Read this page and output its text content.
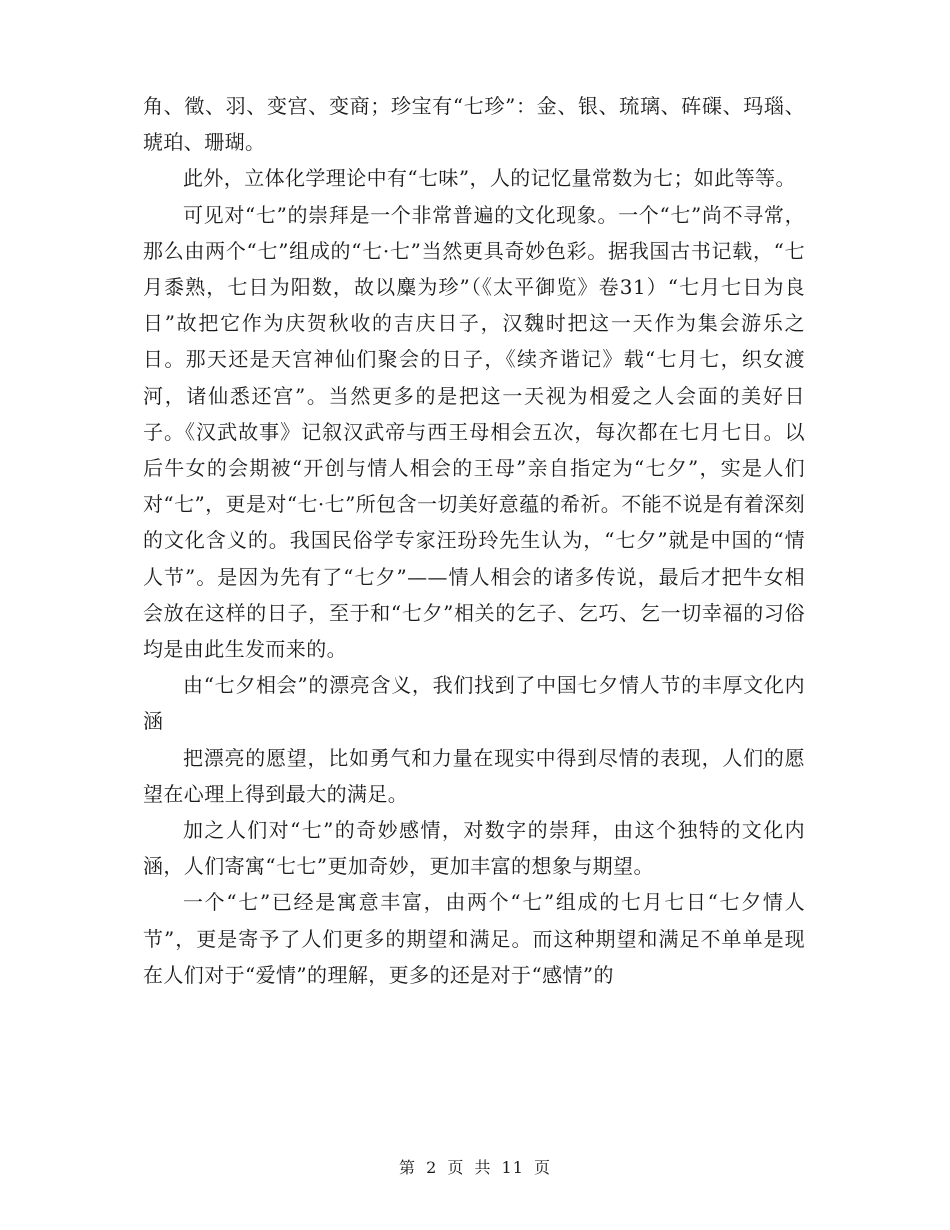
角、徵、羽、变宫、变商；珍宝有“七珍”：金、银、琉璃、砗磲、玛瑙、琥珀、珊瑚。

此外，立体化学理论中有“七味”，人的记忆量常数为七；如此等等。

可见对“七”的崇拜是一个非常普遍的文化现象。一个“七”尚不寻常，那么由两个“七”组成的“七·七”当然更具奇妙色彩。据我国古书记载，“七月黍熟，七日为阳数，故以麋为珍”（《太平御览》卷31）“七月七日为良日”故把它作为庆贺秋收的吉庆日子，汉魏时把这一天作为集会游乐之日。那天还是天宫神仙们聚会的日子，《续齐谐记》载“七月七，织女渡河，诸仙悉还宫”。当然更多的是把这一天视为相爱之人会面的美好日子。《汉武故事》记叙汉武帝与西王母相会五次，每次都在七月七日。以后牛女的会期被“开创与情人相会的王母”亲自指定为“七夕”，实是人们对“七”，更是对“七·七”所包含一切美好意蕴的希祈。不能不说是有着深刻的文化含义的。我国民俗学专家汪玢玲先生认为，“七夕”就是中国的“情人节”。是因为先有了“七夕”——情人相会的诸多传说，最后才把牛女相会放在这样的日子，至于和“七夕”相关的乞子、乞巧、乞一切幸福的习俗均是由此生发而来的。

由“七夕相会”的漂亮含义，我们找到了中国七夕情人节的丰厚文化内涵

把漂亮的愿望，比如勇气和力量在现实中得到尽情的表现，人们的愿望在心理上得到最大的满足。

加之人们对“七”的奇妙感情，对数字的崇拜，由这个独特的文化内涵，人们寄寓“七七”更加奇妙，更加丰富的想象与期望。

一个“七”已经是寓意丰富，由两个“七”组成的七月七日“七夕情人节”，更是寄予了人们更多的期望和满足。而这种期望和满足不单单是现在人们对于“爱情”的理解，更多的还是对于“感情”的

第 2 页 共 11 页
